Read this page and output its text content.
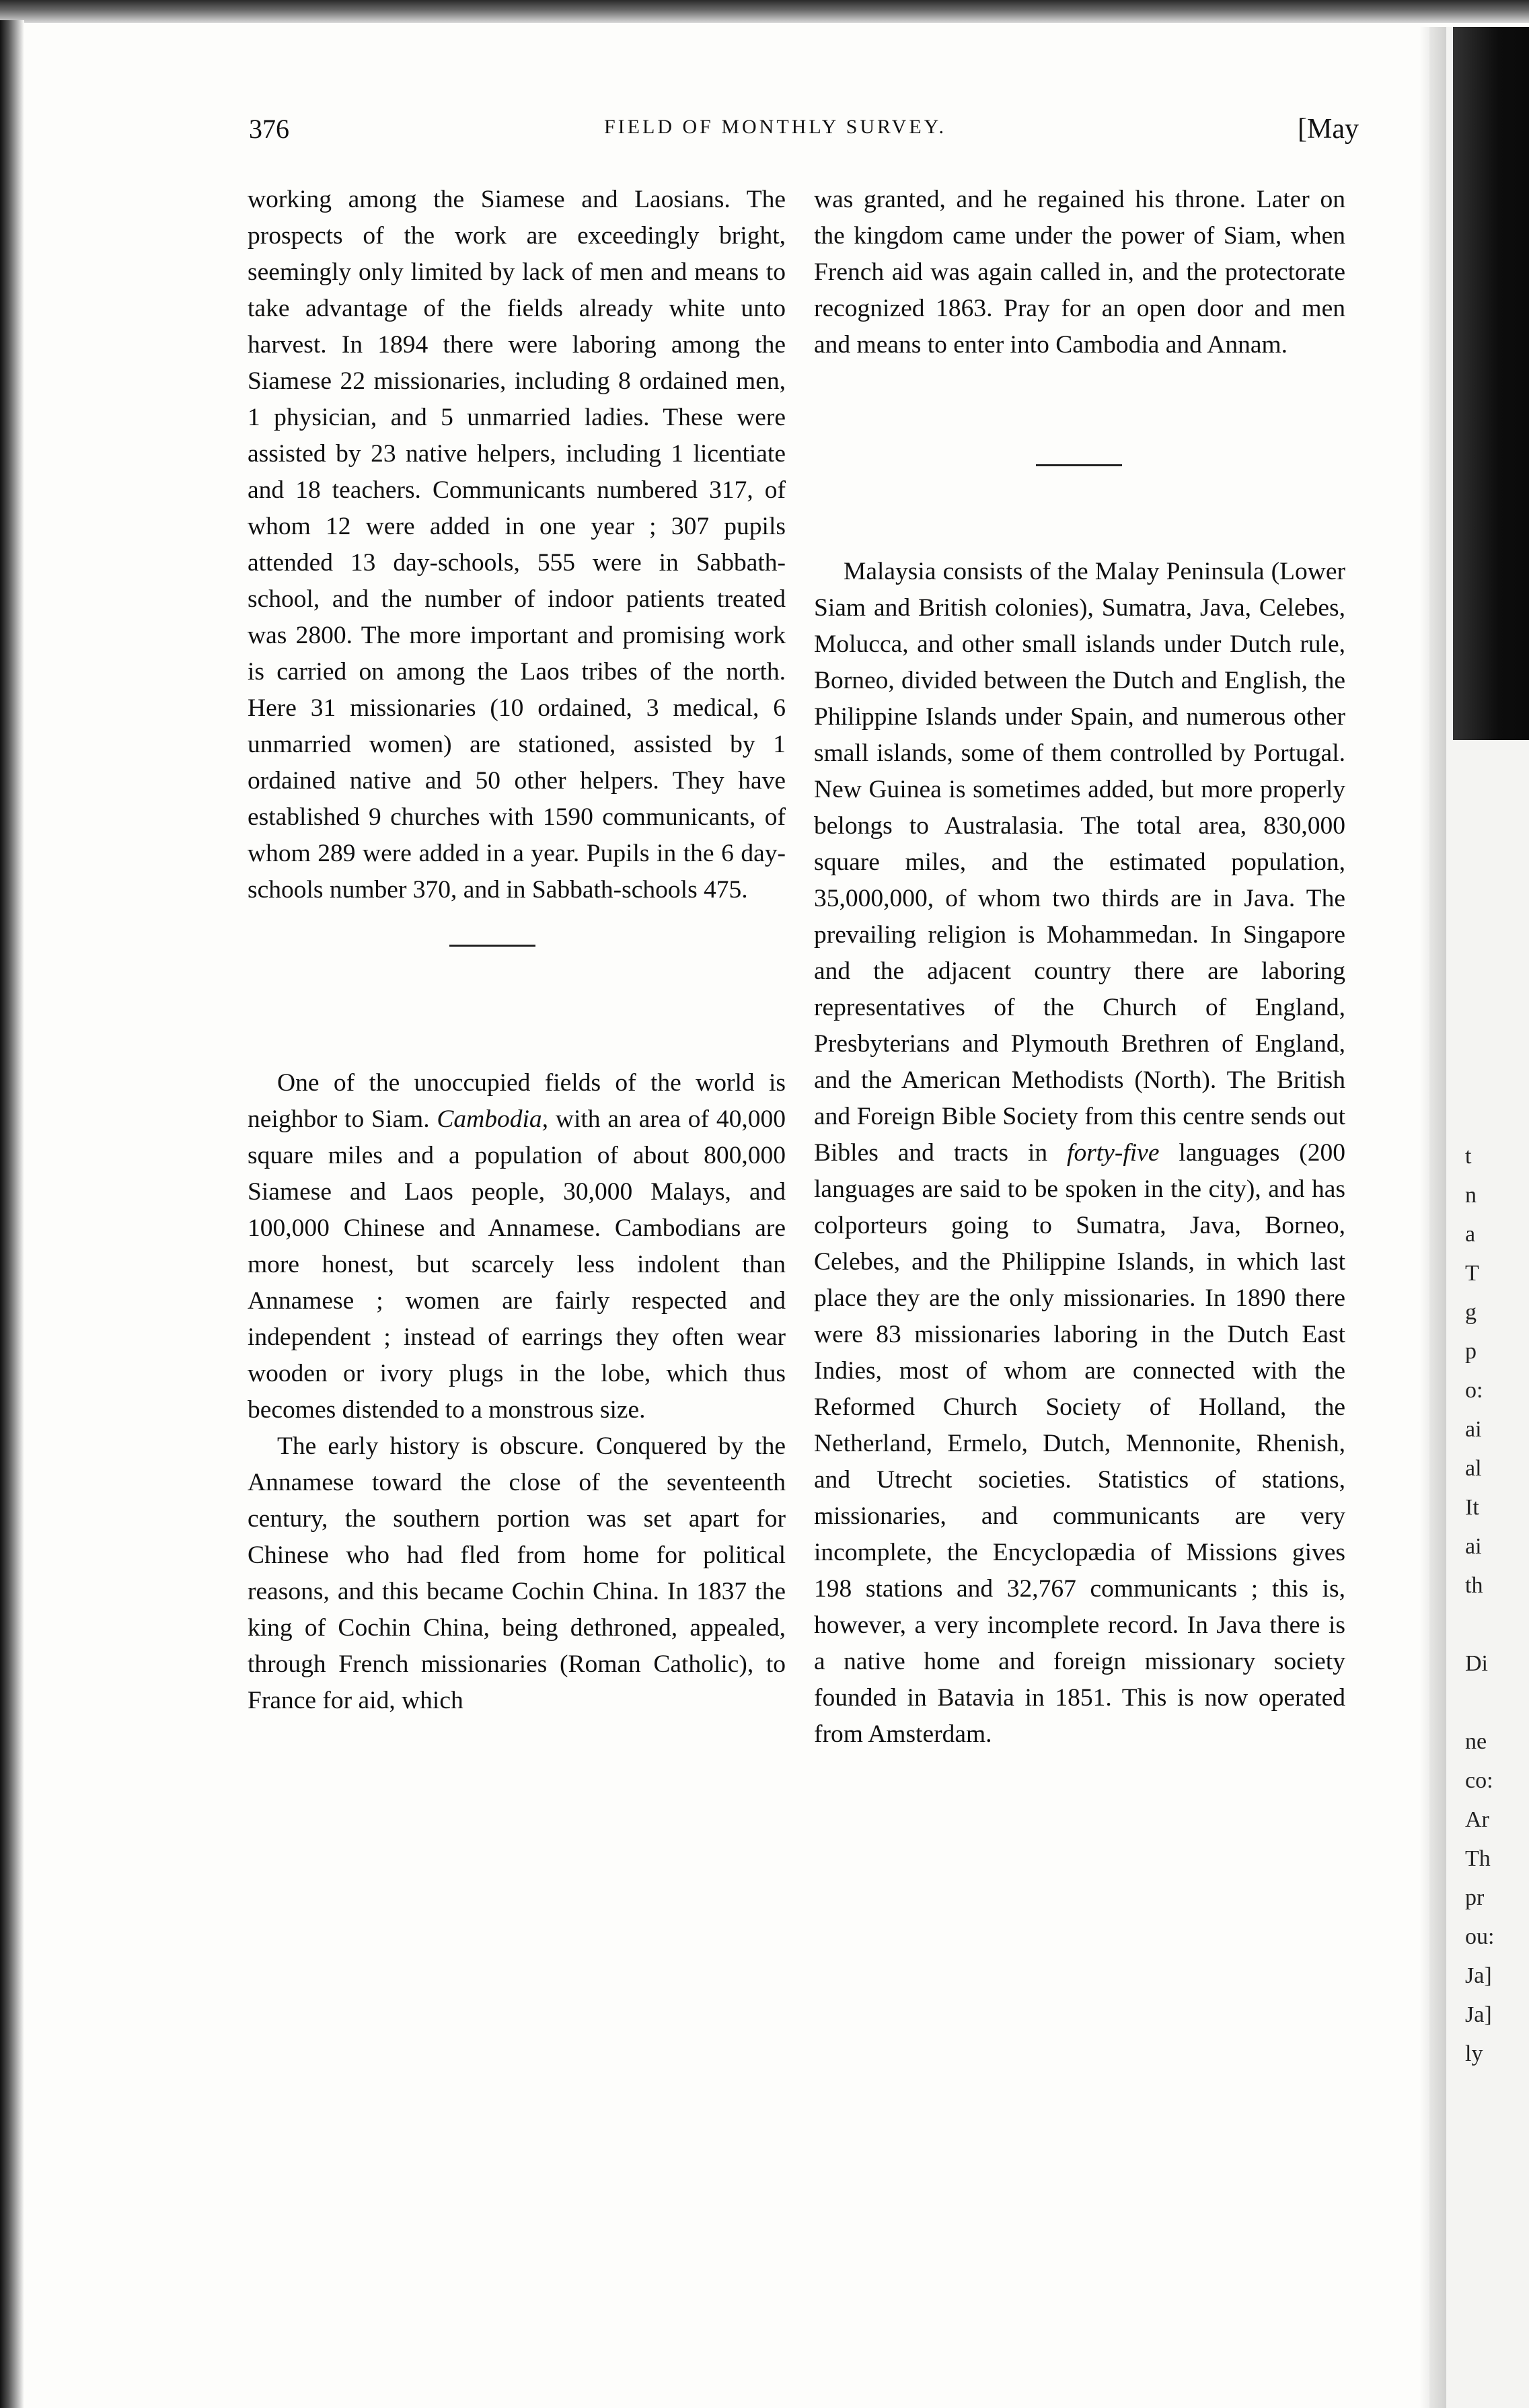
376	FIELD OF MONTHLY SURVEY.	[May

working among the Siamese and Laosians. The prospects of the work are exceedingly bright, seemingly only limited by lack of men and means to take advantage of the fields already white unto harvest. In 1894 there were laboring among the Siamese 22 missionaries, including 8 ordained men, 1 physician, and 5 unmarried ladies. These were assisted by 23 native helpers, including 1 licentiate and 18 teachers. Communicants numbered 317, of whom 12 were added in one year ; 307 pupils attended 13 day-schools, 555 were in Sabbath-school, and the number of indoor patients treated was 2800. The more important and promising work is carried on among the Laos tribes of the north. Here 31 missionaries (10 ordained, 3 medical, 6 unmarried women) are stationed, assisted by 1 ordained native and 50 other helpers. They have established 9 churches with 1590 communicants, of whom 289 were added in a year. Pupils in the 6 day-schools number 370, and in Sabbath-schools 475.

One of the unoccupied fields of the world is neighbor to Siam. Cambodia, with an area of 40,000 square miles and a population of about 800,000 Siamese and Laos people, 30,000 Malays, and 100,000 Chinese and Annamese. Cambodians are more honest, but scarcely less indolent than Annamese ; women are fairly respected and independent ; instead of earrings they often wear wooden or ivory plugs in the lobe, which thus becomes distended to a monstrous size.

The early history is obscure. Conquered by the Annamese toward the close of the seventeenth century, the southern portion was set apart for Chinese who had fled from home for political reasons, and this became Cochin China. In 1837 the king of Cochin China, being dethroned, appealed, through French missionaries (Roman Catholic), to France for aid, which

was granted, and he regained his throne. Later on the kingdom came under the power of Siam, when French aid was again called in, and the protectorate recognized 1863. Pray for an open door and men and means to enter into Cambodia and Annam.

Malaysia consists of the Malay Peninsula (Lower Siam and British colonies), Sumatra, Java, Celebes, Molucca, and other small islands under Dutch rule, Borneo, divided between the Dutch and English, the Philippine Islands under Spain, and numerous other small islands, some of them controlled by Portugal. New Guinea is sometimes added, but more properly belongs to Australasia. The total area, 830,000 square miles, and the estimated population, 35,000,000, of whom two thirds are in Java. The prevailing religion is Mohammedan. In Singapore and the adjacent country there are laboring representatives of the Church of England, Presbyterians and Plymouth Brethren of England, and the American Methodists (North). The British and Foreign Bible Society from this centre sends out Bibles and tracts in forty-five languages (200 languages are said to be spoken in the city), and has colporteurs going to Sumatra, Java, Borneo, Celebes, and the Philippine Islands, in which last place they are the only missionaries. In 1890 there were 83 missionaries laboring in the Dutch East Indies, most of whom are connected with the Reformed Church Society of Holland, the Netherland, Ermelo, Dutch, Mennonite, Rhenish, and Utrecht societies. Statistics of stations, missionaries, and communicants are very incomplete, the Encyclopædia of Missions gives 198 stations and 32,767 communicants ; this is, however, a very incomplete record. In Java there is a native home and foreign missionary society founded in Batavia in 1851. This is now operated from Amsterdam.

t
n
a
T
g
p
o:
ai
al
It
ai
th

Di

ne
co:
Ar
Th
pr
ou:
Ja]
Ja]
ly
